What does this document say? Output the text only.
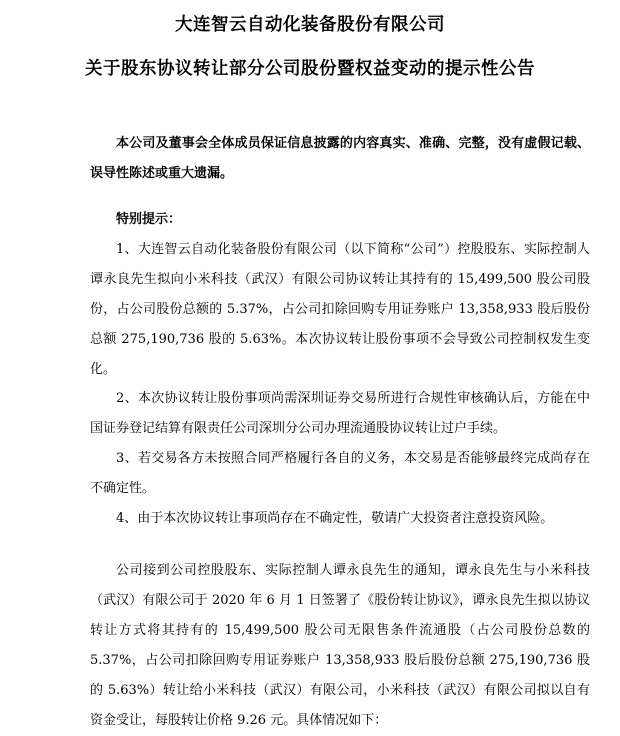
大连智云自动化装备股份有限公司
关于股东协议转让部分公司股份暨权益变动的提示性公告
本公司及董事会全体成员保证信息披露的内容真实、准确、完整，没有虚假记载、误导性陈述或重大遗漏。
特别提示：
1、大连智云自动化装备股份有限公司（以下简称“公司”）控股股东、实际控制人谭永良先生拟向小米科技（武汉）有限公司协议转让其持有的 15,499,500 股公司股份，占公司股份总额的 5.37%，占公司扣除回购专用证券账户 13,358,933 股后股份总额 275,190,736 股的 5.63%。本次协议转让股份事项不会导致公司控制权发生变化。
2、本次协议转让股份事项尚需深圳证券交易所进行合规性审核确认后，方能在中国证券登记结算有限责任公司深圳分公司办理流通股协议转让过户手续。
3、若交易各方未按照合同严格履行各自的义务，本交易是否能够最终完成尚存在不确定性。
4、由于本次协议转让事项尚存在不确定性，敬请广大投资者注意投资风险。
公司接到公司控股股东、实际控制人谭永良先生的通知，谭永良先生与小米科技（武汉）有限公司于 2020 年 6 月 1 日签署了《股份转让协议》，谭永良先生拟以协议转让方式将其持有的 15,499,500 股公司无限售条件流通股（占公司股份总数的 5.37%，占公司扣除回购专用证券账户 13,358,933 股后股份总额 275,190,736 股的 5.63%）转让给小米科技（武汉）有限公司，小米科技（武汉）有限公司拟以自有资金受让，每股转让价格 9.26 元。具体情况如下：
